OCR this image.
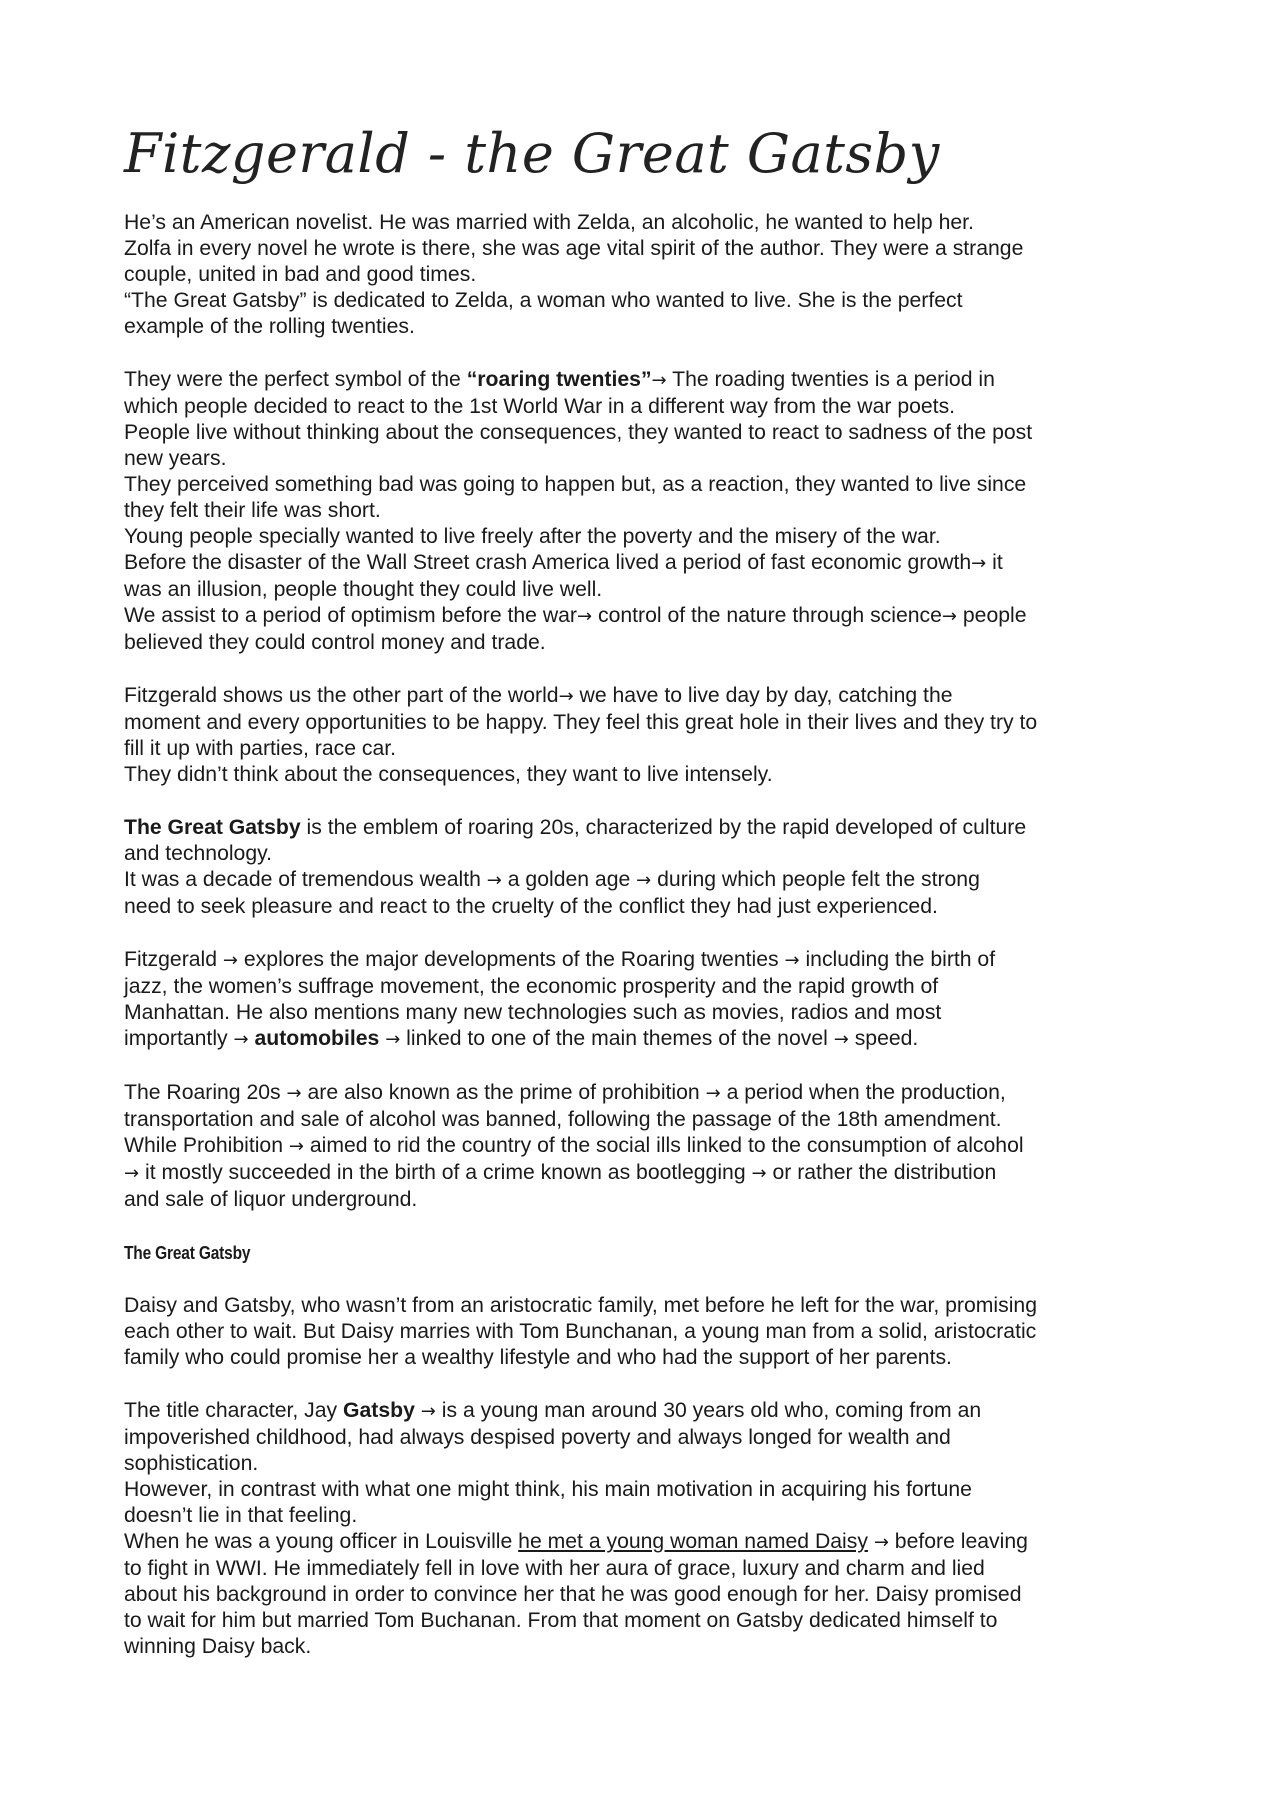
Fitzgerald - the Great Gatsby
He’s an American novelist. He was married with Zelda, an alcoholic, he wanted to help her.
Zolfa in every novel he wrote is there, she was age vital spirit of the author. They were a strange
couple, united in bad and good times.
“The Great Gatsby” is dedicated to Zelda, a woman who wanted to live. She is the perfect
example of the rolling twenties.
They were the perfect symbol of the “roaring twenties”→ The roading twenties is a period in
which people decided to react to the 1st World War in a different way from the war poets.
People live without thinking about the consequences, they wanted to react to sadness of the post
new years.
They perceived something bad was going to happen but, as a reaction, they wanted to live since
they felt their life was short.
Young people specially wanted to live freely after the poverty and the misery of the war.
Before the disaster of the Wall Street crash America lived a period of fast economic growth→ it
was an illusion, people thought they could live well.
We assist to a period of optimism before the war→ control of the nature through science→ people
believed they could control money and trade.
Fitzgerald shows us the other part of the world→ we have to live day by day, catching the
moment and every opportunities to be happy. They feel this great hole in their lives and they try to
fill it up with parties, race car.
They didn’t think about the consequences, they want to live intensely.
The Great Gatsby is the emblem of roaring 20s, characterized by the rapid developed of culture
and technology.
It was a decade of tremendous wealth → a golden age → during which people felt the strong
need to seek pleasure and react to the cruelty of the conflict they had just experienced.
Fitzgerald → explores the major developments of the Roaring twenties → including the birth of
jazz, the women’s suffrage movement, the economic prosperity and the rapid growth of
Manhattan. He also mentions many new technologies such as movies, radios and most
importantly → automobiles → linked to one of the main themes of the novel → speed.
The Roaring 20s → are also known as the prime of prohibition → a period when the production,
transportation and sale of alcohol was banned, following the passage of the 18th amendment.
While Prohibition → aimed to rid the country of the social ills linked to the consumption of alcohol
→ it mostly succeeded in the birth of a crime known as bootlegging → or rather the distribution
and sale of liquor underground.
The Great Gatsby
Daisy and Gatsby, who wasn’t from an aristocratic family, met before he left for the war, promising
each other to wait. But Daisy marries with Tom Bunchanan, a young man from a solid, aristocratic
family who could promise her a wealthy lifestyle and who had the support of her parents.
The title character, Jay Gatsby → is a young man around 30 years old who, coming from an
impoverished childhood, had always despised poverty and always longed for wealth and
sophistication.
However, in contrast with what one might think, his main motivation in acquiring his fortune
doesn’t lie in that feeling.
When he was a young officer in Louisville he met a young woman named Daisy → before leaving
to fight in WWI. He immediately fell in love with her aura of grace, luxury and charm and lied
about his background in order to convince her that he was good enough for her. Daisy promised
to wait for him but married Tom Buchanan. From that moment on Gatsby dedicated himself to
winning Daisy back.
